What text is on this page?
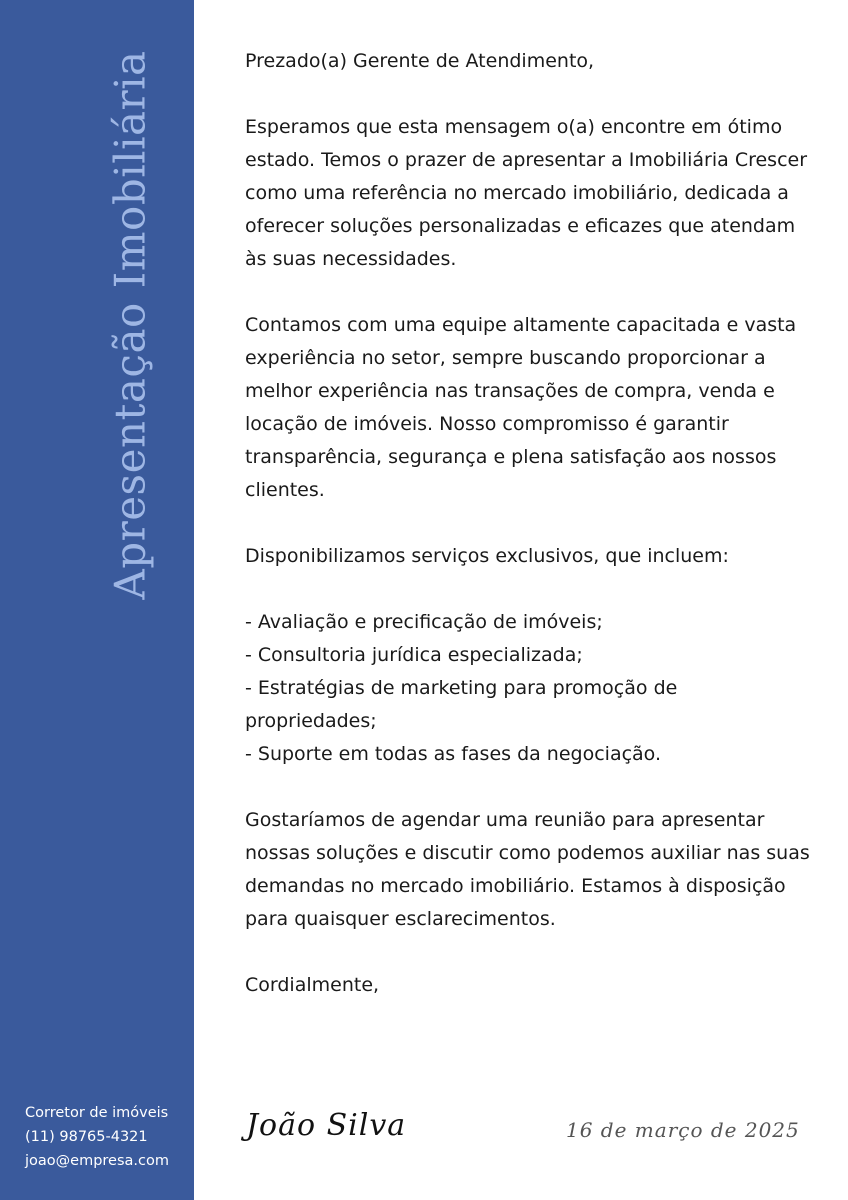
Apresentação Imobiliária
Corretor de imóveis
(11) 98765-4321
joao@empresa.com

Prezado(a) Gerente de Atendimento,

Esperamos que esta mensagem o(a) encontre em ótimo estado. Temos o prazer de apresentar a Imobiliária Crescer como uma referência no mercado imobiliário, dedicada a oferecer soluções personalizadas e eficazes que atendam às suas necessidades.

Contamos com uma equipe altamente capacitada e vasta experiência no setor, sempre buscando proporcionar a melhor experiência nas transações de compra, venda e locação de imóveis. Nosso compromisso é garantir transparência, segurança e plena satisfação aos nossos clientes.

Disponibilizamos serviços exclusivos, que incluem:

- Avaliação e precificação de imóveis;

- Consultoria jurídica especializada;

- Estratégias de marketing para promoção de propriedades;

- Suporte em todas as fases da negociação.

Gostaríamos de agendar uma reunião para apresentar nossas soluções e discutir como podemos auxiliar nas suas demandas no mercado imobiliário. Estamos à disposição para quaisquer esclarecimentos.

Cordialmente,

João Silva	16 de março de 2025
